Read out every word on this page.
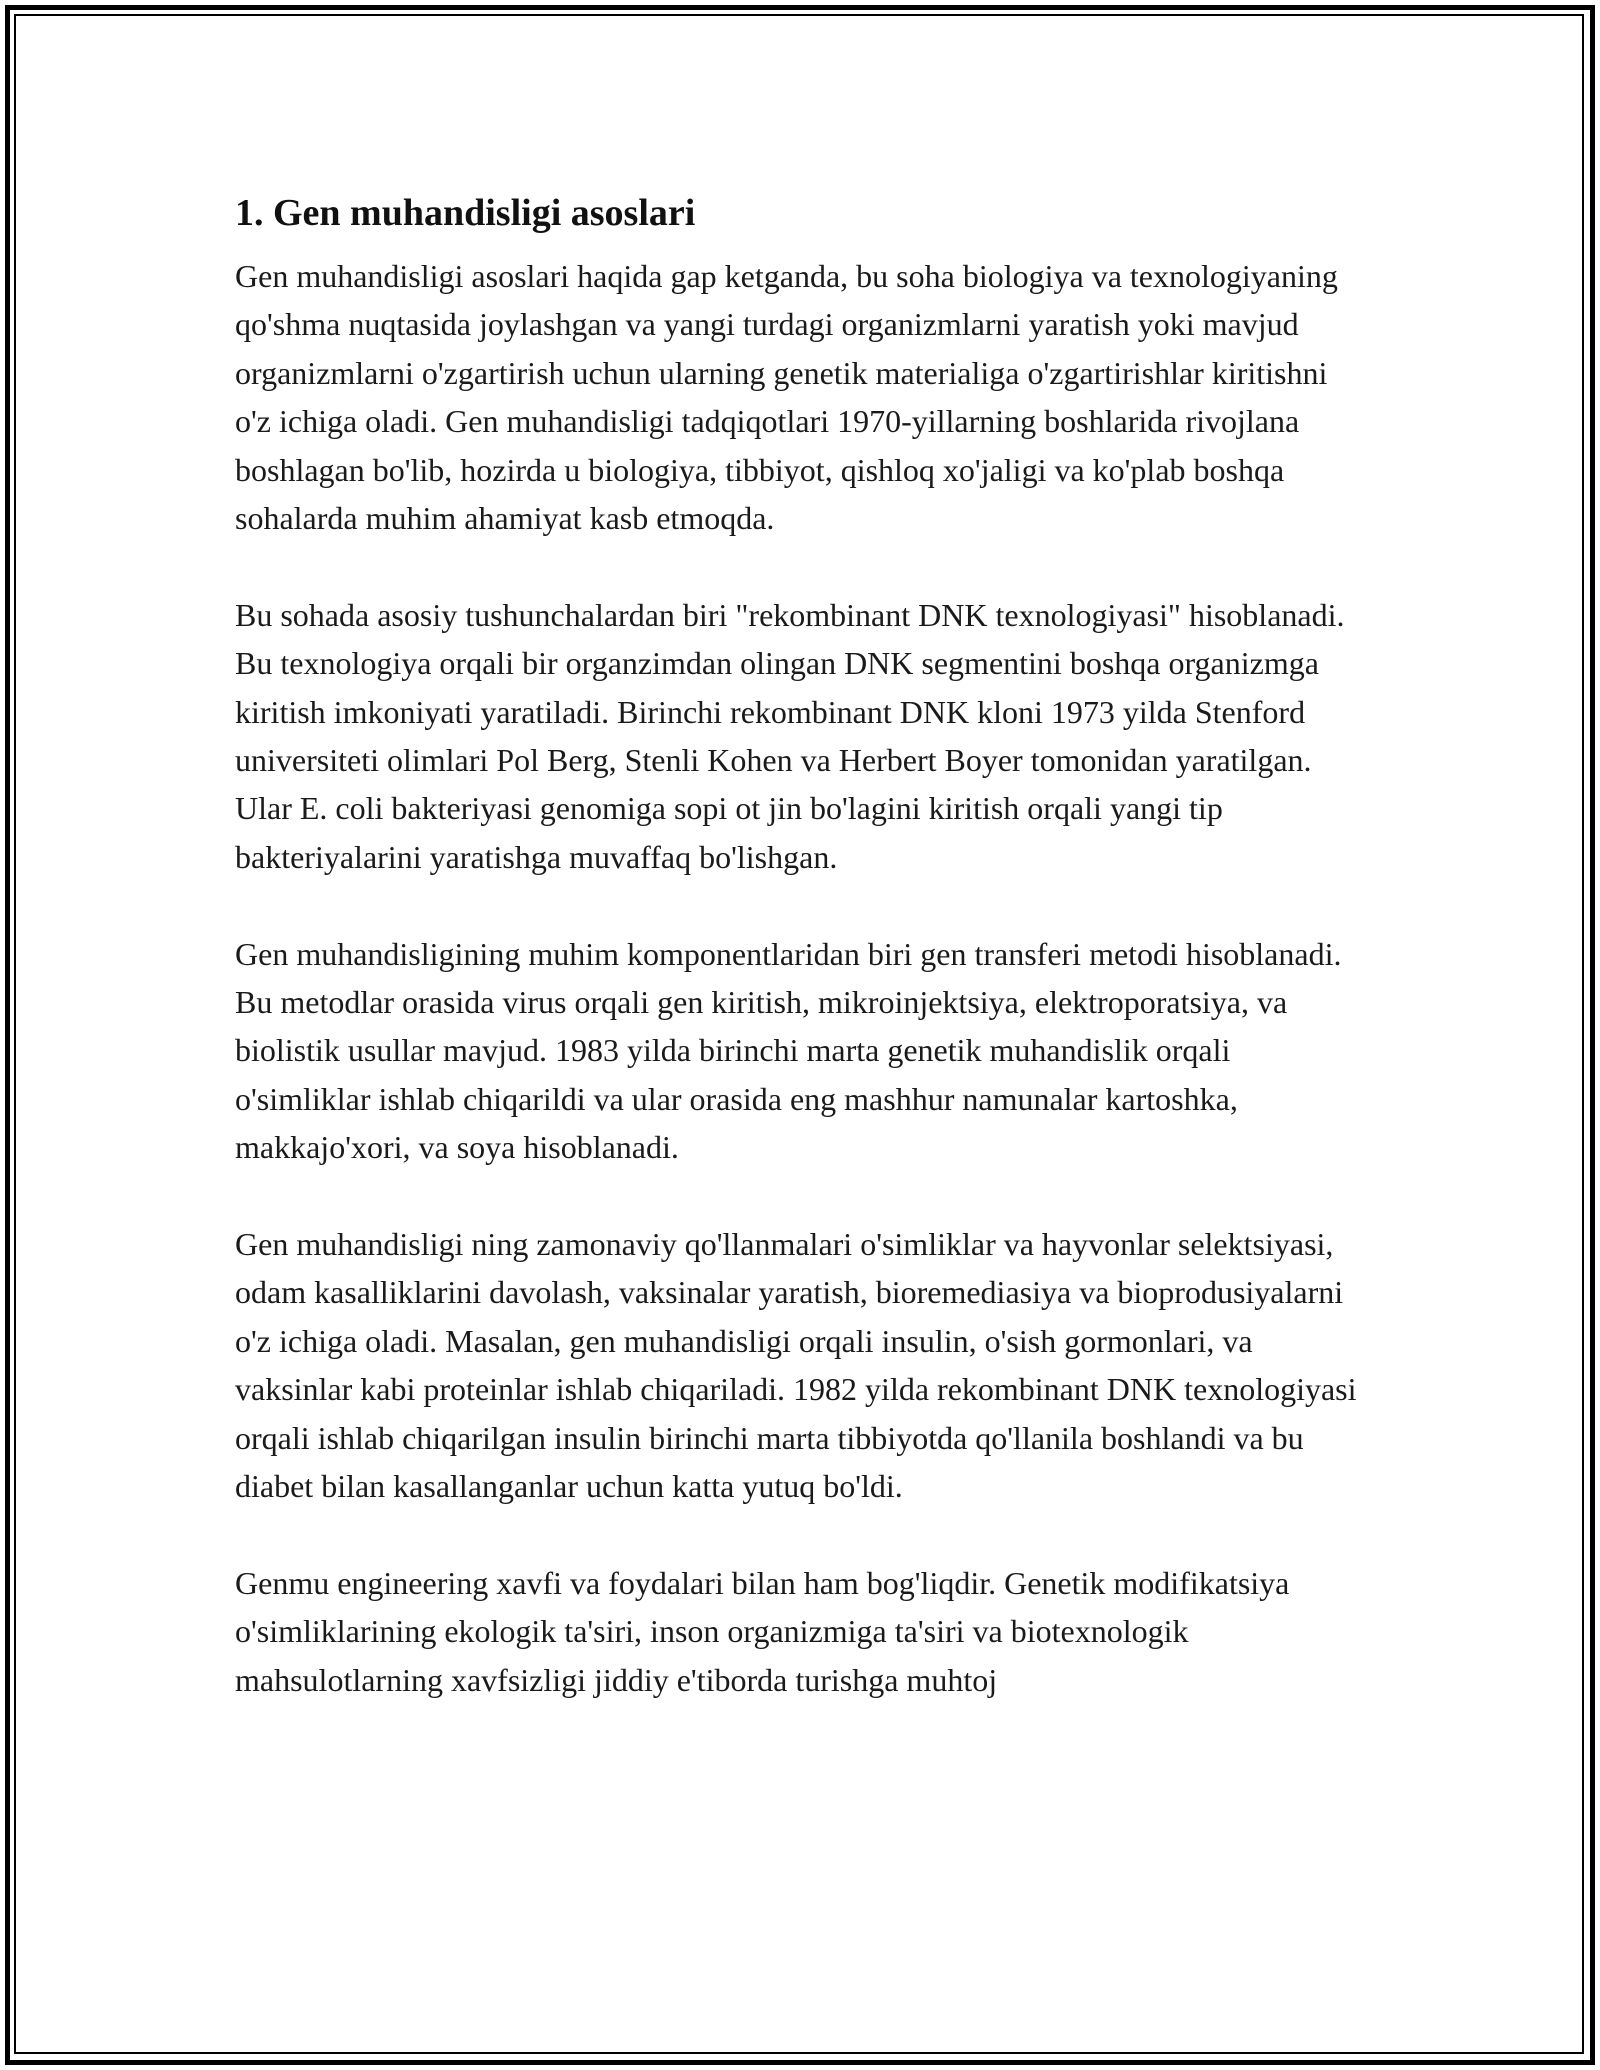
1. Gen muhandisligi asoslari

Gen muhandisligi asoslari haqida gap ketganda, bu soha biologiya va texnologiyaning qo'shma nuqtasida joylashgan va yangi turdagi organizmlarni yaratish yoki mavjud organizmlarni o'zgartirish uchun ularning genetik materialiga o'zgartirishlar kiritishni o'z ichiga oladi. Gen muhandisligi tadqiqotlari 1970-yillarning boshlarida rivojlana boshlagan bo'lib, hozirda u biologiya, tibbiyot, qishloq xo'jaligi va ko'plab boshqa sohalarda muhim ahamiyat kasb etmoqda.

Bu sohada asosiy tushunchalardan biri "rekombinant DNK texnologiyasi" hisoblanadi. Bu texnologiya orqali bir organzimdan olingan DNK segmentini boshqa organizmga kiritish imkoniyati yaratiladi. Birinchi rekombinant DNK kloni 1973 yilda Stenford universiteti olimlari Pol Berg, Stenli Kohen va Herbert Boyer tomonidan yaratilgan. Ular E. coli bakteriyasi genomiga sopi ot jin bo'lagini kiritish orqali yangi tip bakteriyalarini yaratishga muvaffaq bo'lishgan.

Gen muhandisligining muhim komponentlaridan biri gen transferi metodi hisoblanadi. Bu metodlar orasida virus orqali gen kiritish, mikroinjektsiya, elektroporatsiya, va biolistik usullar mavjud. 1983 yilda birinchi marta genetik muhandislik orqali o'simliklar ishlab chiqarildi va ular orasida eng mashhur namunalar kartoshka, makkajo'xori, va soya hisoblanadi.

Gen muhandisligi ning zamonaviy qo'llanmalari o'simliklar va hayvonlar selektsiyasi, odam kasalliklarini davolash, vaksinalar yaratish, bioremediasiya va bioprodusiyalarni o'z ichiga oladi. Masalan, gen muhandisligi orqali insulin, o'sish gormonlari, va vaksinlar kabi proteinlar ishlab chiqariladi. 1982 yilda rekombinant DNK texnologiyasi orqali ishlab chiqarilgan insulin birinchi marta tibbiyotda qo'llanila boshlandi va bu diabet bilan kasallanganlar uchun katta yutuq bo'ldi.

Genmu engineering xavfi va foydalari bilan ham bog'liqdir. Genetik modifikatsiya o'simliklarining ekologik ta'siri, inson organizmiga ta'siri va biotexnologik mahsulotlarning xavfsizligi jiddiy e'tiborda turishga muhtoj
